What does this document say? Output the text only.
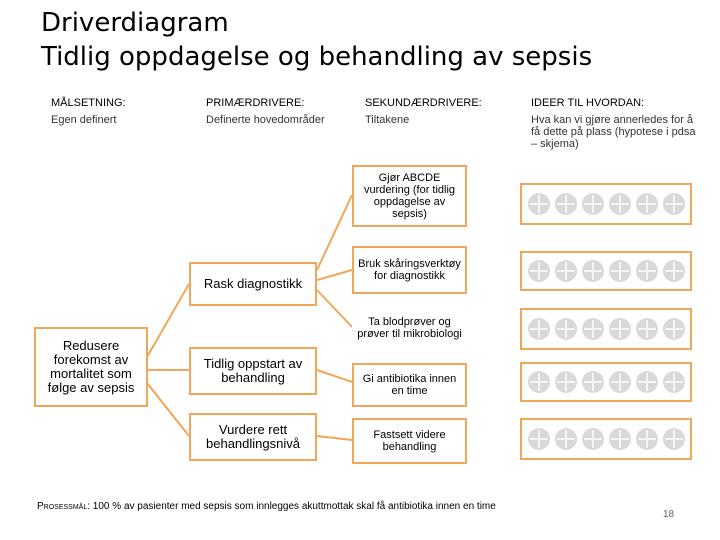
Driverdiagram
Tidlig oppdagelse og behandling av sepsis
MÅLSETNING:
Egen definert
PRIMÆRDRIVERE:
Definerte hovedområder
SEKUNDÆRDRIVERE:
Tiltakene
IDEER TIL HVORDAN:
Hva kan vi gjøre annerledes for å få dette på plass (hypotese i pdsa – skjema)
Redusere forekomst av mortalitet som følge av sepsis
Rask diagnostikk
Tidlig oppstart av behandling
Vurdere rett behandlingsnivå
Gjør ABCDE vurdering (for tidlig oppdagelse av sepsis)
Bruk skåringsverktøy for diagnostikk
Ta blodprøver og prøver til mikrobiologi
Gi antibiotika innen en time
Fastsett videre behandling
Prosessmål: 100 % av pasienter med sepsis som innlegges akuttmottak skal få antibiotika innen en time
18
